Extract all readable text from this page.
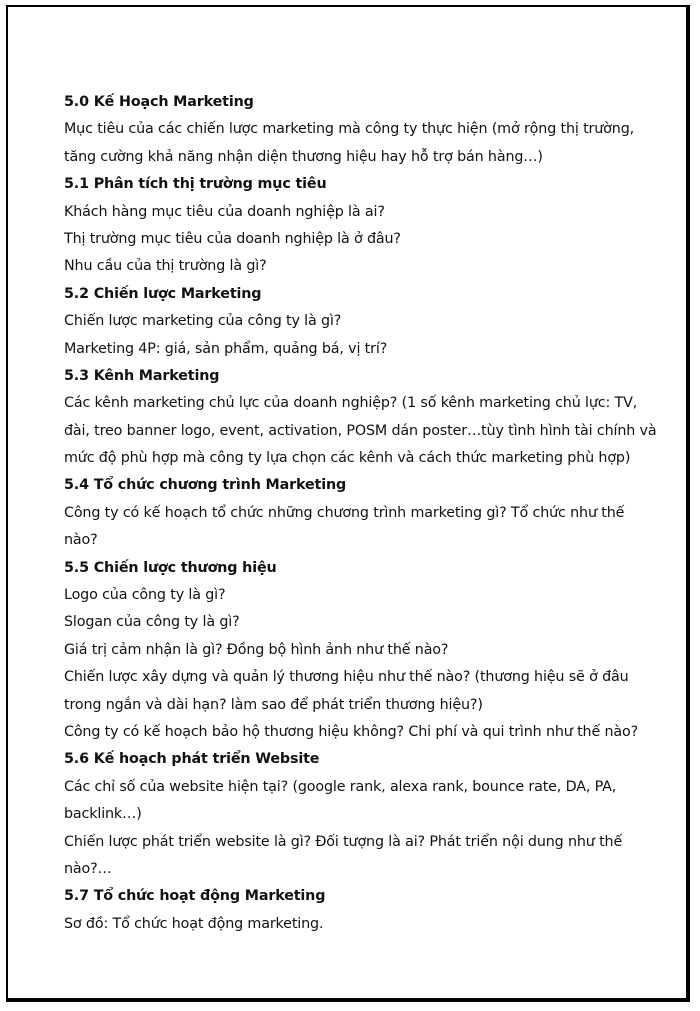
5.0 Kế Hoạch Marketing
Mục tiêu của các chiến lược marketing mà công ty thực hiện (mở rộng thị trường,
tăng cường khả năng nhận diện thương hiệu hay hỗ trợ bán hàng…)
5.1 Phân tích thị trường mục tiêu
Khách hàng mục tiêu của doanh nghiệp là ai?
Thị trường mục tiêu của doanh nghiệp là ở đâu?
Nhu cầu của thị trường là gì?
5.2 Chiến lược Marketing
Chiến lược marketing của công ty là gì?
Marketing 4P: giá, sản phẩm, quảng bá, vị trí?
5.3 Kênh Marketing
Các kênh marketing chủ lực của doanh nghiệp? (1 số kênh marketing chủ lực: TV,
đài, treo banner logo, event, activation, POSM dán poster…tùy tình hình tài chính và
mức độ phù hợp mà công ty lựa chọn các kênh và cách thức marketing phù hợp)
5.4 Tổ chức chương trình Marketing
Công ty có kế hoạch tổ chức những chương trình marketing gì? Tổ chức như thế
nào?
5.5 Chiến lược thương hiệu
Logo của công ty là gì?
Slogan của công ty là gì?
Giá trị cảm nhận là gì? Đồng bộ hình ảnh như thế nào?
Chiến lược xây dựng và quản lý thương hiệu như thế nào? (thương hiệu sẽ ở đâu
trong ngắn và dài hạn? làm sao để phát triển thương hiệu?)
Công ty có kế hoạch bảo hộ thương hiệu không? Chi phí và qui trình như thế nào?
5.6 Kế hoạch phát triển Website
Các chỉ số của website hiện tại? (google rank, alexa rank, bounce rate, DA, PA,
backlink…)
Chiến lược phát triển website là gì? Đối tượng là ai? Phát triển nội dung như thế
nào?…
5.7 Tổ chức hoạt động Marketing
Sơ đồ: Tổ chức hoạt động marketing.
